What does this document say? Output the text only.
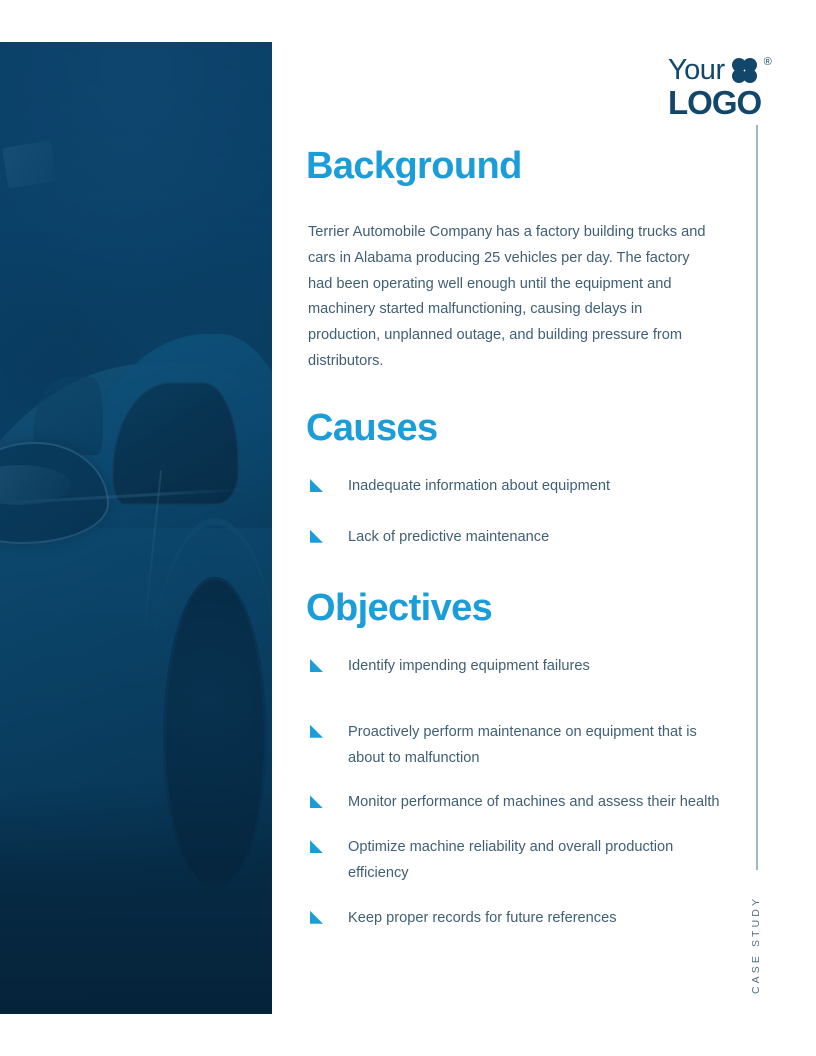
Your	®
LOGO
Background

Terrier Automobile Company has a factory building trucks and cars in Alabama producing 25 vehicles per day. The factory had been operating well enough until the equipment and machinery started malfunctioning, causing delays in production, unplanned outage, and building pressure from distributors.

Causes
Inadequate information about equipment
Lack of predictive maintenance
Objectives
Identify impending equipment failures
Proactively perform maintenance on equipment that is about to malfunction
Monitor performance of machines and assess their health
Optimize machine reliability and overall production efficiency
Keep proper records for future references	CASE STUDY
